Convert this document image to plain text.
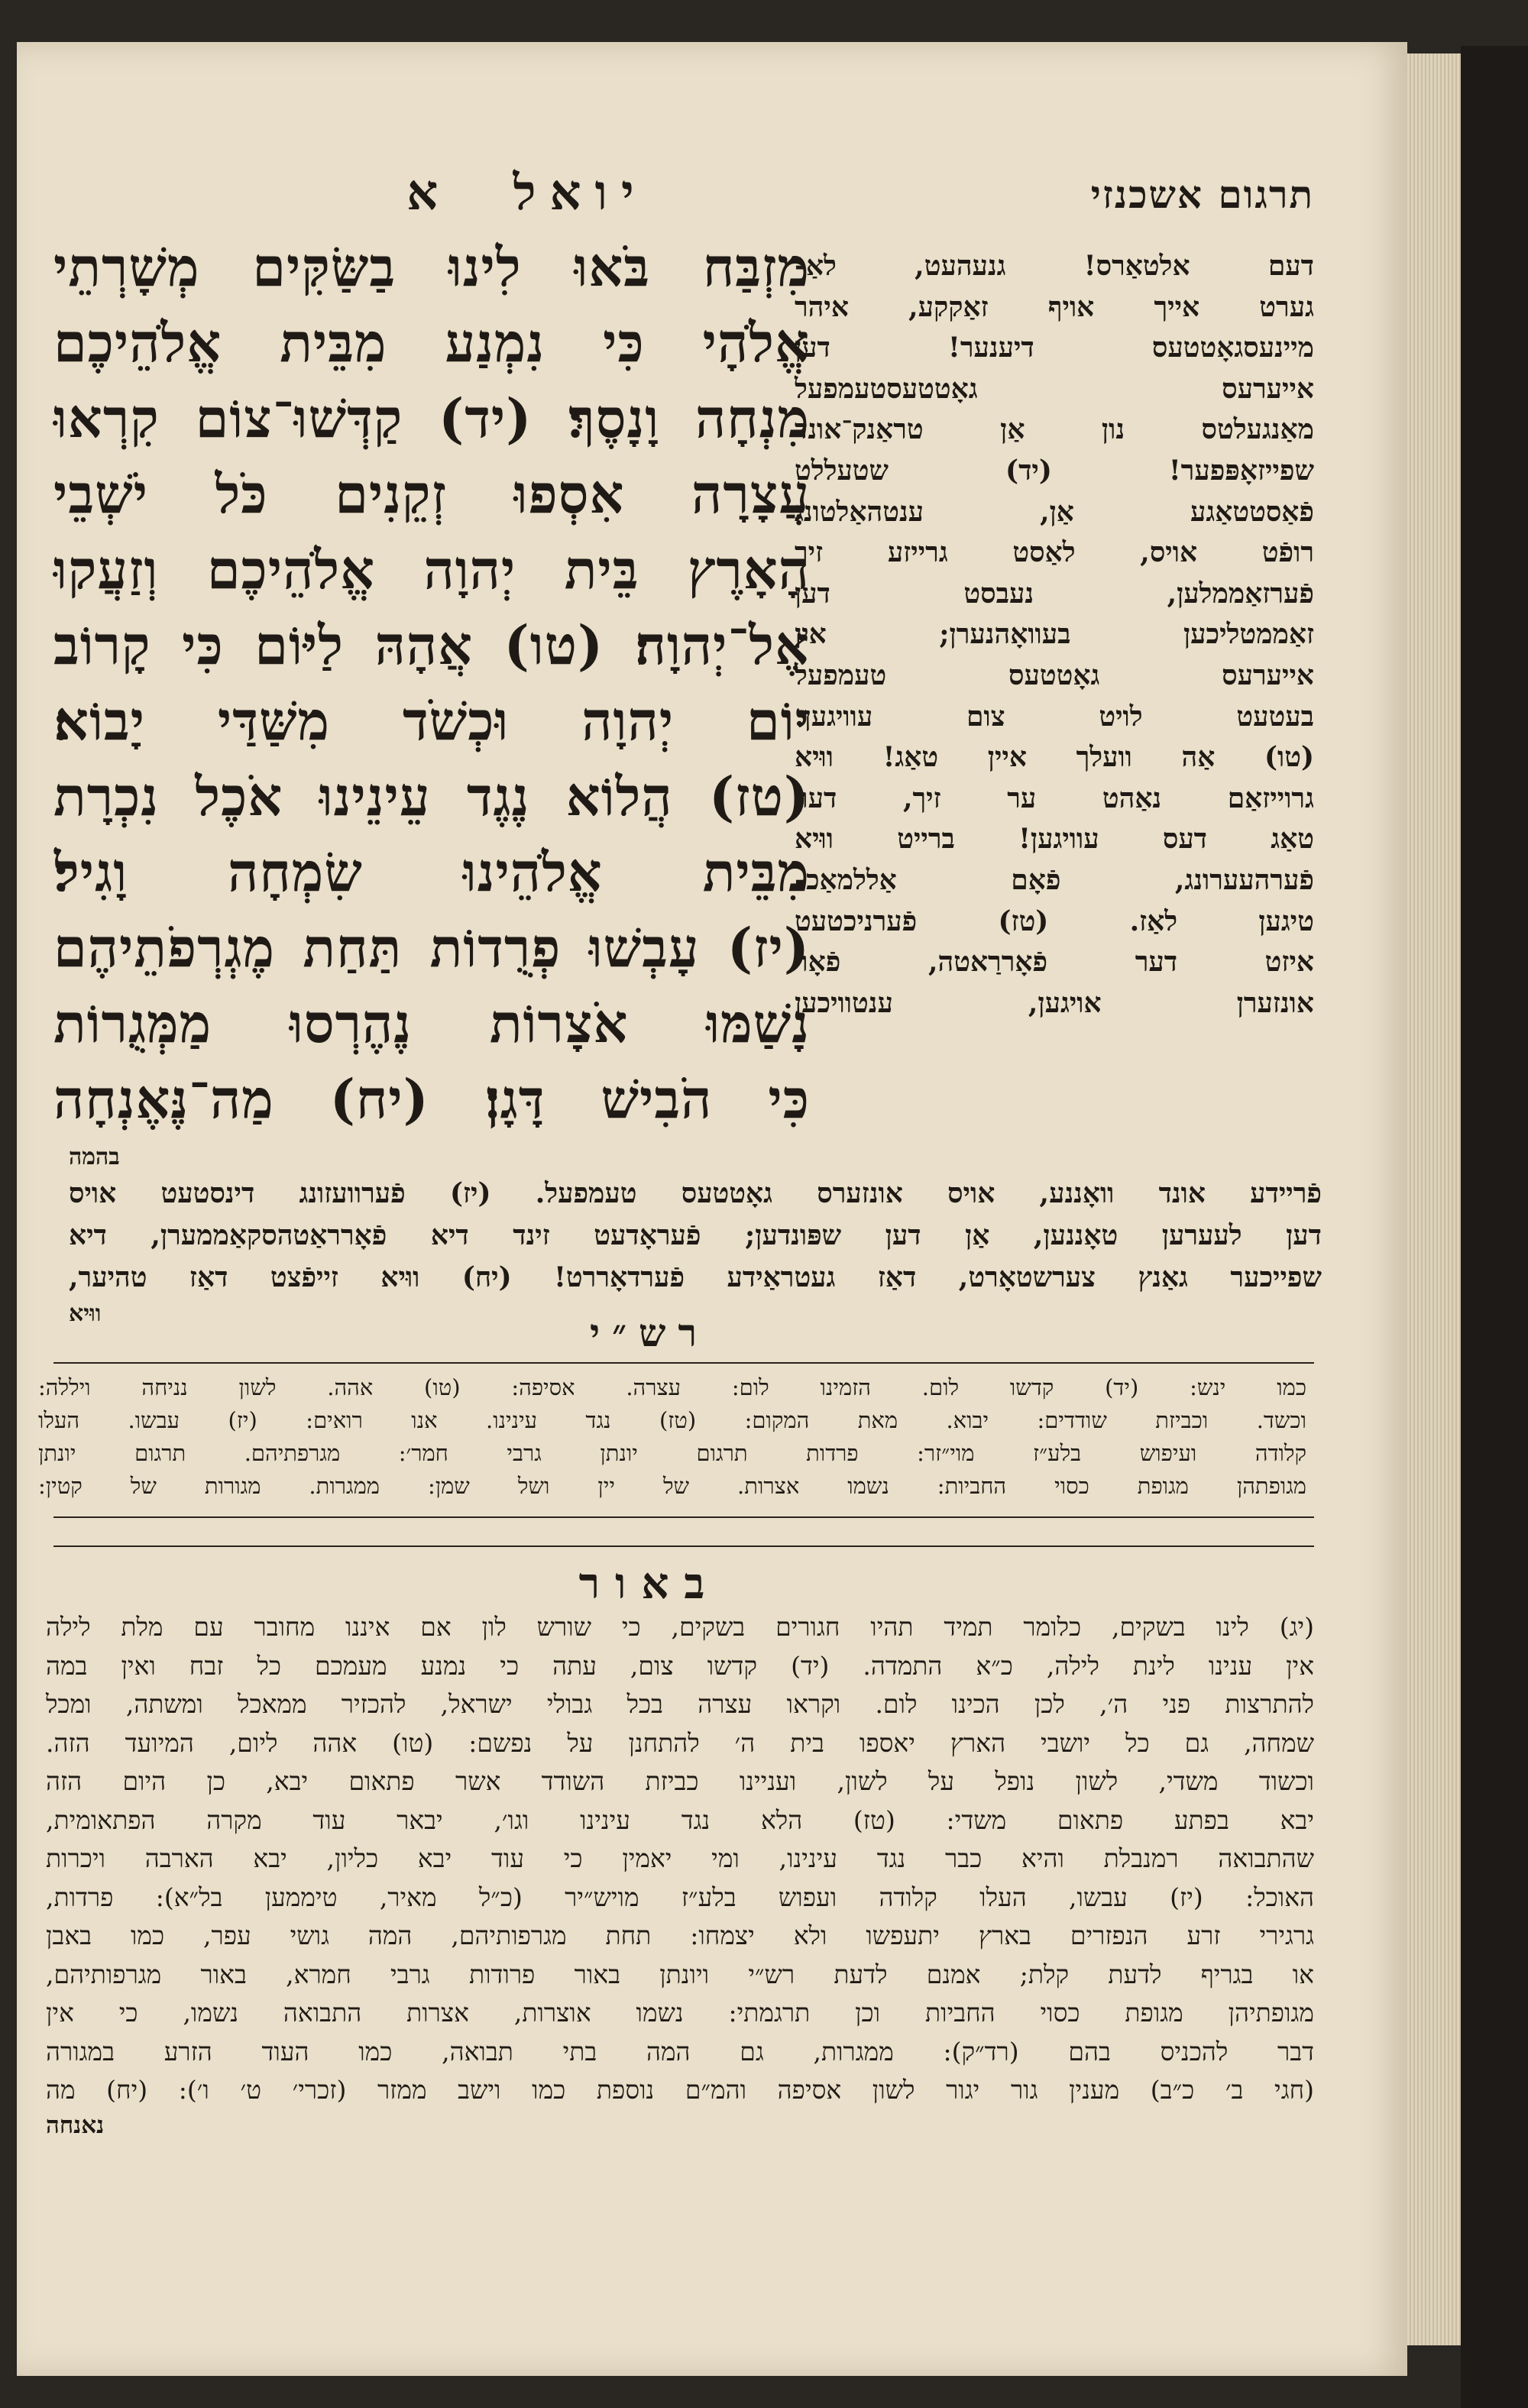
יואל א	תרגום אשכנזי
מִזְבַּח בֹּאוּ לִינוּ בַשַּׂקִּים מְשָׁרְתֵי
אֱלֹהָי כִּי נִמְנַע מִבֵּית אֱלֹהֵיכֶם
מִנְחָה וָנָסֶךְ׃ (יד) קַדְּשׁוּ־צוֹם קִרְאוּ
עֲצָרָה אִסְפוּ זְקֵנִים כֹּל יֹשְׁבֵי
הָאָרֶץ בֵּית יְהוָה אֱלֹהֵיכֶם וְזַעֲקוּ
אֶל־יְהוָה׃ (טו) אֲהָהּ לַיּוֹם כִּי קָרוֹב
יוֹם יְהוָה וּכְשֹׁד מִשַּׁדַּי יָבוֹא׃
(טז) הֲלוֹא נֶגֶד עֵינֵינוּ אֹכֶל נִכְרָת
מִבֵּית אֱלֹהֵינוּ שִׂמְחָה וָגִיל׃
(יז) עָבְשׁוּ פְרֻדוֹת תַּחַת מֶגְרְפֹתֵיהֶם
נָשַׁמּוּ אֹצָרוֹת נֶהֶרְסוּ מַמְּגֻרוֹת
כִּי הֹבִישׁ דָּגָן׃ (יח) מַה־נֶּאֶנְחָה
דעם אלטאַרס! גנעהעט, לאַ-
גערט אייך אויף זאַקקע, איהר
מיינעסגאָטטעס דיענער! דען
אייערעס גאָטטעסטעמפעל
מאַנגעלטס נון אַן טראַנק־אונד
שפייזאָפּפער! (יד) שטעללט
פֿאַסטטאַגע אַן, ענטהאַלטונג
רופֿט אויס, לאַסט גרייזע זיך
פֿערזאַממלען, נעבסט דען
זאַממטליכען בעוואָהנערן; אין
אייערעס גאָטטעס טעמפעל
בעטעט לויט צום עוויגען.
(טו) אַה וועלך איין טאַג! ווּיא
גרוייזאַם נאַהט ער זיך, דער
טאַג דעס עוויגען! ברייט ווּיא
פֿערהעערונג, פֿאָם אַללמאַכ-
טיגען לאַז. (טז) פֿערניכטעט
איזט דער פֿאָררַאטה, פֿאָר
אונזערן אויגען, ענטוויכען
בהמה
פֿריידע אונד וואָננע, אויס אונזערס גאָטטעס טעמפעל. (יז) פֿערוועזונג דינסטעט אויס
דען לעערען טאָננען, אַן דען שפּונדען; פֿעראָדעט זינד דיא פֿאָרראַטהסקאַממערן, דיא
שפייכער גאַנץ צערשטאָרט, דאַז געטראַידע פֿערדאָררט! (יח) ווּיא זייפֿצט דאַז טהיער,
ווּיא	רש״י
כמו ינש: (יד) קדשו לום. הזמינו לום: עצרה. אסיפה: (טו) אהה. לשון נניחה ויללה:
וכשד. וכביזת שודדים: יבוא. מאת המקום: (טז) נגד עינינו. אנו רואים: (יז) עבשו. העלו
קלודה ועיפוש בלע״ז מוי״זר: פרדות תרגום יונתן גרבי חמר׳: מגרפתיהם. תרגום יונתן
מגופתהן מגופת כסוי החביות: נשמו אצרות. של יין ושל שמן: ממגרות. מגורות של קטין:
באור
(יג) לינו בשקים, כלומר תמיד תהיו חגורים בשקים, כי שורש לון אם איננו מחובר עם מלת לילה
אין ענינו לינת לילה, כ״א התמדה. (יד) קדשו צום, עתה כי נמנע מעמכם כל זבח ואין במה
להתרצות פני ה׳, לכן הכינו לום. וקראו עצרה בכל גבולי ישראל, להכזיר ממאכל ומשתה, ומכל
שמחה, גם כל יושבי הארץ יאספו בית ה׳ להתחנן על נפשם: (טו) אהה ליום, המיועד הזה.
וכשוד משדי, לשון נופל על לשון, ועניינו כביזת השודד אשר פתאום יבא, כן היום הזה
יבא בפתע פתאום משדי: (טז) הלא נגד עינינו וגו׳, יבאר עוד מקרה הפתאומית,
שהתבואה רמנבלת והיא כבר נגד עינינו, ומי יאמין כי עוד יבא כליון, יבא הארבה ויכרות
האוכל: (יז) עבשו, העלו קלודה ועפוש בלע״ז מויש״יר (כ״ל מאיר, טיממען בל״א): פרדות,
גרגירי זרע הנפזרים בארץ יתעפשו ולא יצמחו: תחת מגרפותיהם, המה גושי עפר, כמו באבן
או בגריף לדעת קלת; אמנם לדעת רש״י ויונתן באור פרודות גרבי חמרא, באור מגרפותיהם,
מגופתיהן מגופת כסוי החביות וכן תרגמתי: נשמו אוצרות, אצרות התבואה נשמו, כי אין
דבר להכניס בהם (רד״ק): ממגרות, גם המה בתי תבואה, כמו העוד הזרע במגורה
(חגי ב׳ כ״ב) מענין גור יגור לשון אסיפה והמ״ם נוספת כמו וישב ממזר (זכרי׳ ט׳ ו׳): (יח) מה
נאנחה
